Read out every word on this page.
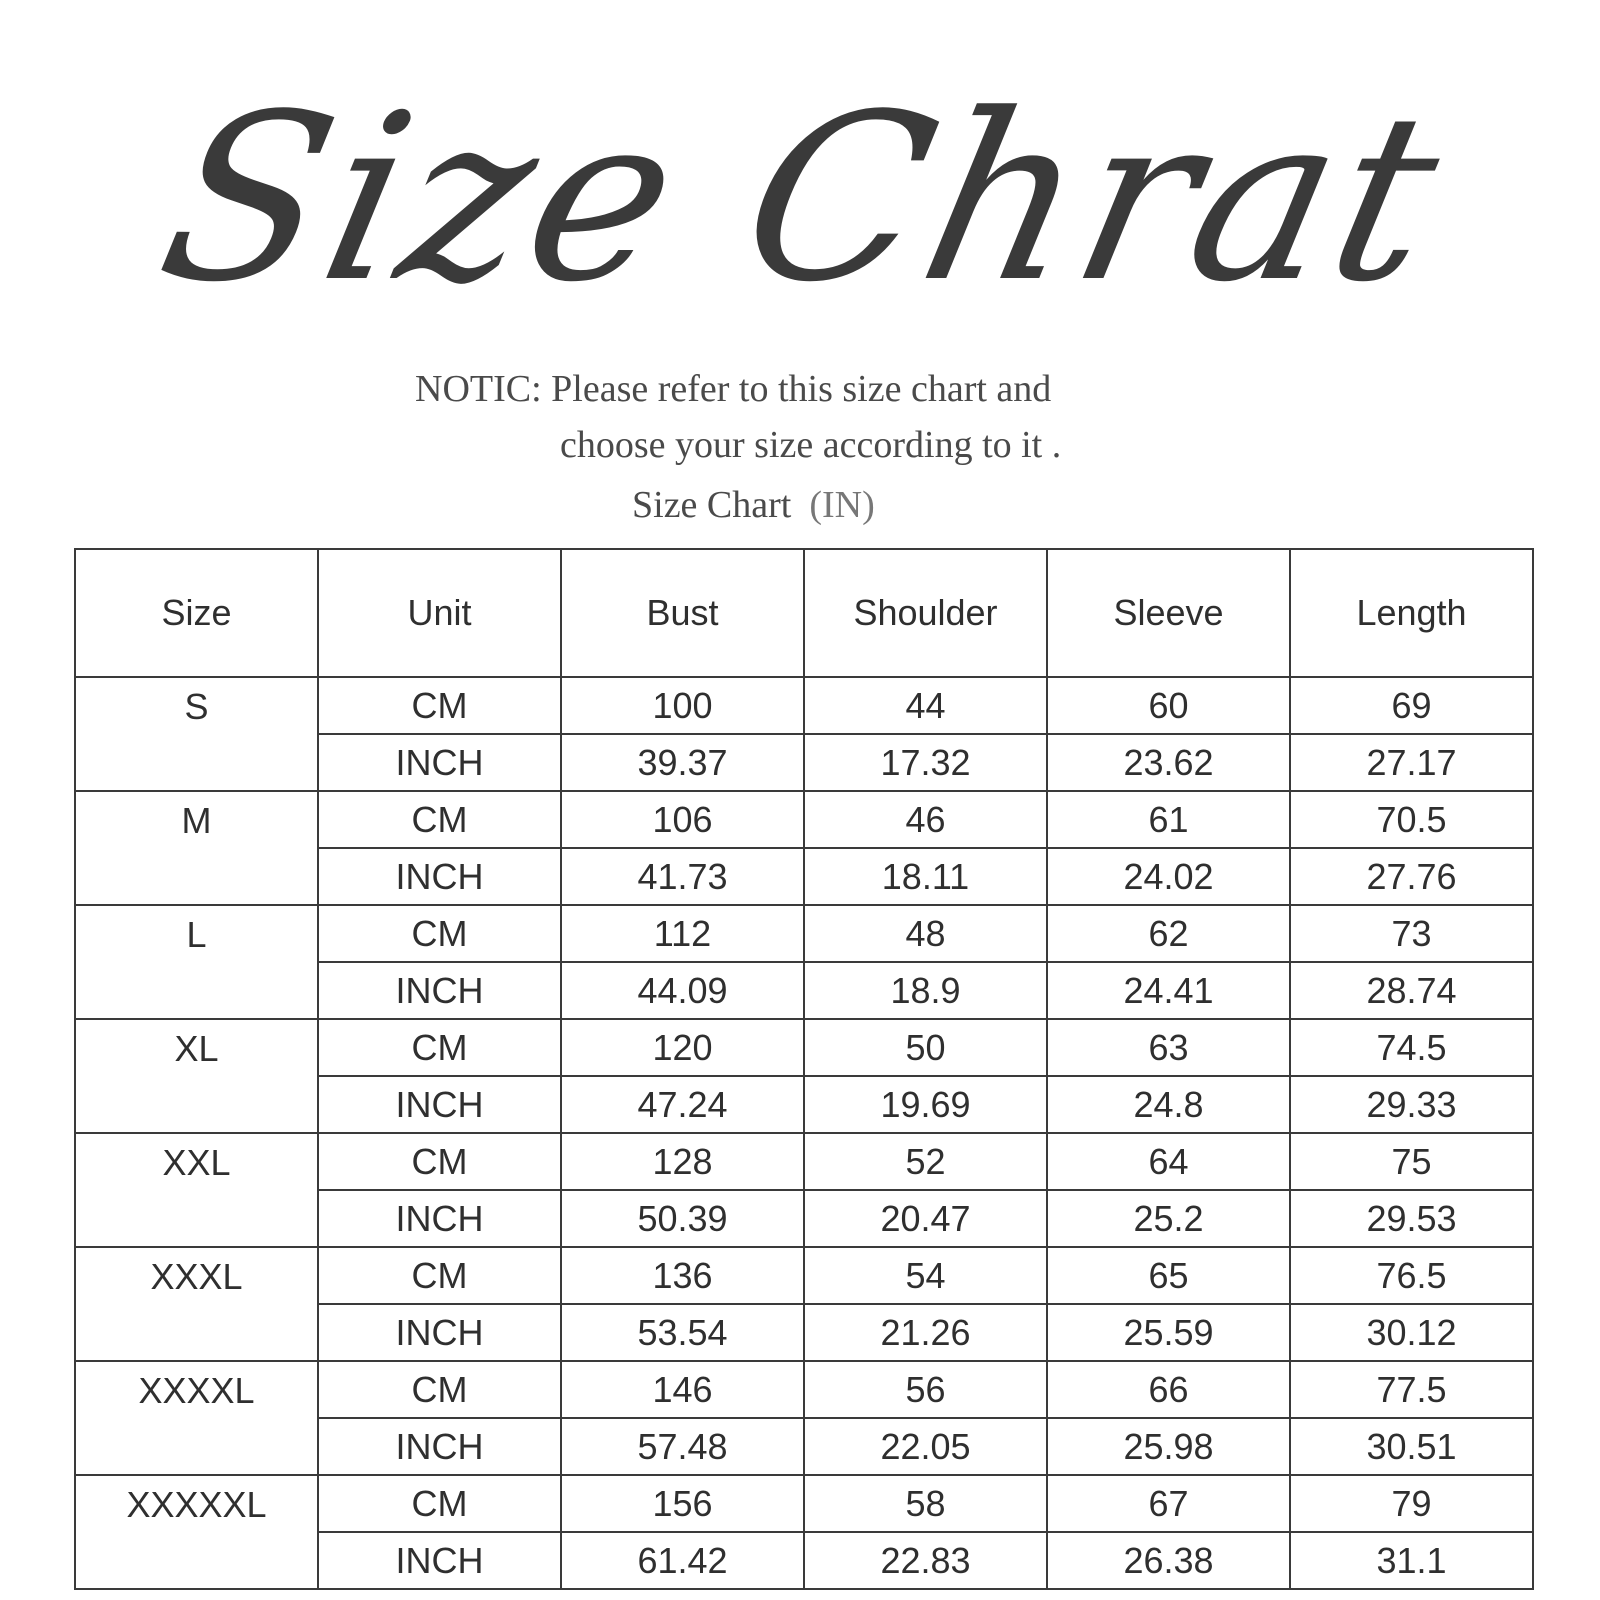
Size Chrat
NOTIC: Please refer to this size chart and
choose your size according to it .
Size Chart (IN)
Size	Unit	Bust	Shoulder	Sleeve	Length
S	CM	100	44	60	69
	INCH	39.37	17.32	23.62	27.17
M	CM	106	46	61	70.5
	INCH	41.73	18.11	24.02	27.76
L	CM	112	48	62	73
	INCH	44.09	18.9	24.41	28.74
XL	CM	120	50	63	74.5
	INCH	47.24	19.69	24.8	29.33
XXL	CM	128	52	64	75
	INCH	50.39	20.47	25.2	29.53
XXXL	CM	136	54	65	76.5
	INCH	53.54	21.26	25.59	30.12
XXXXL	CM	146	56	66	77.5
	INCH	57.48	22.05	25.98	30.51
XXXXXL	CM	156	58	67	79
	INCH	61.42	22.83	26.38	31.1
